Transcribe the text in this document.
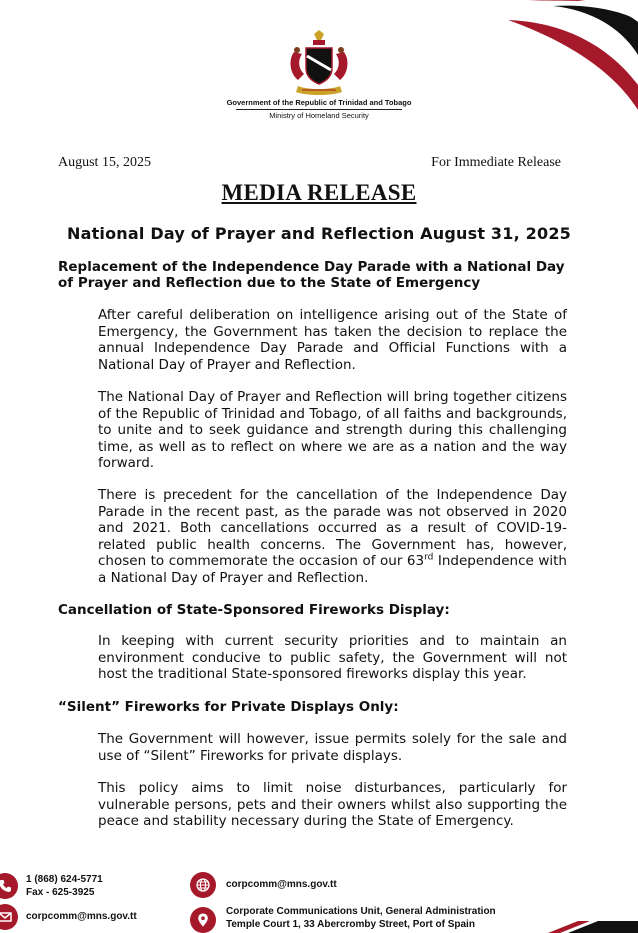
Government of the Republic of Trinidad and Tobago
Ministry of Homeland Security
August 15, 2025	For Immediate Release
MEDIA RELEASE
National Day of Prayer and Reflection August 31, 2025
Replacement of the Independence Day Parade with a National Day of Prayer and Reflection due to the State of Emergency
After careful deliberation on intelligence arising out of the State of Emergency, the Government has taken the decision to replace the annual Independence Day Parade and Official Functions with a National Day of Prayer and Reflection.
The National Day of Prayer and Reflection will bring together citizens of the Republic of Trinidad and Tobago, of all faiths and backgrounds, to unite and to seek guidance and strength during this challenging time, as well as to reflect on where we are as a nation and the way forward.
There is precedent for the cancellation of the Independence Day Parade in the recent past, as the parade was not observed in 2020 and 2021. Both cancellations occurred as a result of COVID-19-related public health concerns. The Government has, however, chosen to commemorate the occasion of our 63rd Independence with a National Day of Prayer and Reflection.
Cancellation of State-Sponsored Fireworks Display:
In keeping with current security priorities and to maintain an environment conducive to public safety, the Government will not host the traditional State-sponsored fireworks display this year.
“Silent” Fireworks for Private Displays Only:
The Government will however, issue permits solely for the sale and use of “Silent” Fireworks for private displays.
This policy aims to limit noise disturbances, particularly for vulnerable persons, pets and their owners whilst also supporting the peace and stability necessary during the State of Emergency.
1 (868) 624-5771
Fax - 625-3925
corpcomm@mns.gov.tt
corpcomm@mns.gov.tt
Corporate Communications Unit, General Administration
Temple Court 1, 33 Abercromby Street, Port of Spain
